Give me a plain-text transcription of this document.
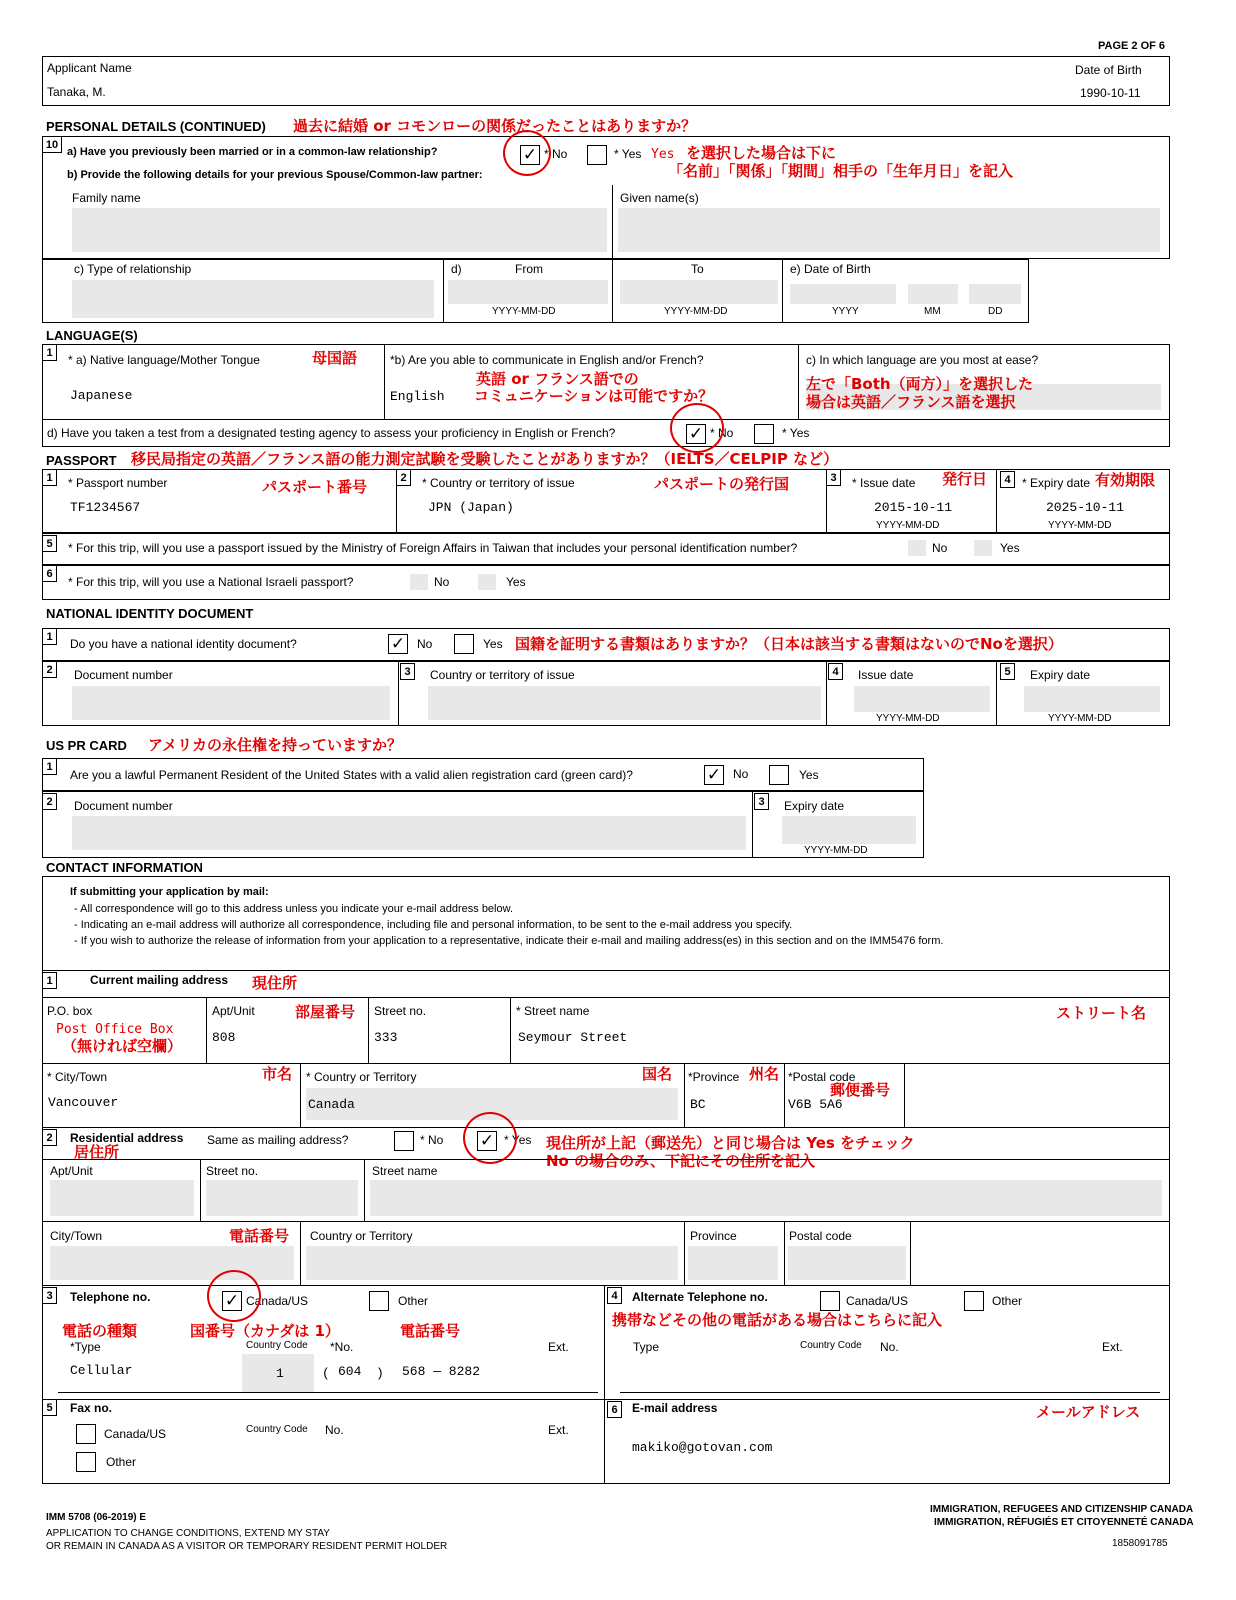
PAGE 2 OF 6
Applicant Name
Tanaka, M.
Date of Birth
1990-10-11
PERSONAL DETAILS (CONTINUED) 過去に結婚 or コモンローの関係だったことはありますか？
10
a) Have you previously been married or in a common-law relationship?	✓ * No	* Yes Yes を選択した場合は下に
「名前」「関係」「期間」相手の「生年月日」を記入
b) Provide the following details for your previous Spouse/Common-law partner:
Family name	Given name(s)
c) Type of relationship	d)	From
YYYY-MM-DD
To
YYYY-MM-DD
e) Date of Birth
YYYY	MM	DD
LANGUAGE(S)
1	* a) Native language/Mother Tongue	母国語
Japanese
*b) Are you able to communicate in English and/or French?
English
英語 or フランス語での
コミュニケーションは可能ですか？
c) In which language are you most at ease?
左で「Both（両方）」を選択した
場合は英語／フランス語を選択
d) Have you taken a test from a designated testing agency to assess your proficiency in English or French?	✓ * No	* Yes
PASSPORT 移民局指定の英語／フランス語の能力測定試験を受験したことがありますか？（IELTS／CELPIP など）
1	* Passport number	パスポート番号
TF1234567
2	* Country or territory of issue	パスポートの発行国
JPN (Japan)
3	* Issue date 発行日
2015-10-11
YYYY-MM-DD
4 * Expiry date 有効期限
2025-10-11
YYYY-MM-DD
5	* For this trip, will you use a passport issued by the Ministry of Foreign Affairs in Taiwan that includes your personal identification number?	No	Yes
6
* For this trip, will you use a National Israeli passport?	No	Yes
NATIONAL IDENTITY DOCUMENT
1	Do you have a national identity document?	✓ No	Yes 国籍を証明する書類はありますか？（日本は該当する書類はないのでNoを選択）
2	Document number	3	Country or territory of issue	4	Issue date
YYYY-MM-DD
5	Expiry date
YYYY-MM-DD
US PR CARD アメリカの永住権を持っていますか？
1
Are you a lawful Permanent Resident of the United States with a valid alien registration card (green card)?	✓ No	Yes
2	Document number	3	Expiry date
YYYY-MM-DD
CONTACT INFORMATION
If submitting your application by mail:
- All correspondence will go to this address unless you indicate your e-mail address below.
- Indicating an e-mail address will authorize all correspondence, including file and personal information, to be sent to the e-mail address you specify.
- If you wish to authorize the release of information from your application to a representative, indicate their e-mail and mailing address(es) in this section and on the IMM5476 form.
1	Current mailing address 現住所
P.O. box
Post Office Box
（無ければ空欄）
Apt/Unit	部屋番号
808
Street no.
333
* Street name	ストリート名
Seymour Street
* City/Town	市名
Vancouver
* Country or Territory	国名
Canada
*Province 州名
BC
*Postal code
郵便番号
V6B 5A6
2	Residential address
居住所
Same as mailing address?	* No ✓ * Yes 現住所が上記（郵送先）と同じ場合は Yes をチェック
No の場合のみ、下記にその住所を記入
Apt/Unit	Street no.	Street name
City/Town	電話番号 Country or Territory	Province	Postal code
3	Telephone no.	✓ Canada/US	Other
電話の種類	国番号（カナダは 1）	電話番号
*Type	Country Code *No.	Ext.
Cellular	1	( 604 ) 568 — 8282
4	Alternate Telephone no.	Canada/US	Other
携帯などその他の電話がある場合はこちらに記入
Type	Country Code No.	Ext.
5	Fax no.
Canada/US
Other
Country Code No.	Ext.
6	E-mail address	メールアドレス
makiko@gotovan.com
IMM 5708 (06-2019) E
APPLICATION TO CHANGE CONDITIONS, EXTEND MY STAY
OR REMAIN IN CANADA AS A VISITOR OR TEMPORARY RESIDENT PERMIT HOLDER
IMMIGRATION, REFUGEES AND CITIZENSHIP CANADA
IMMIGRATION, RÉFUGIÉS ET CITOYENNETÉ CANADA
1858091785
